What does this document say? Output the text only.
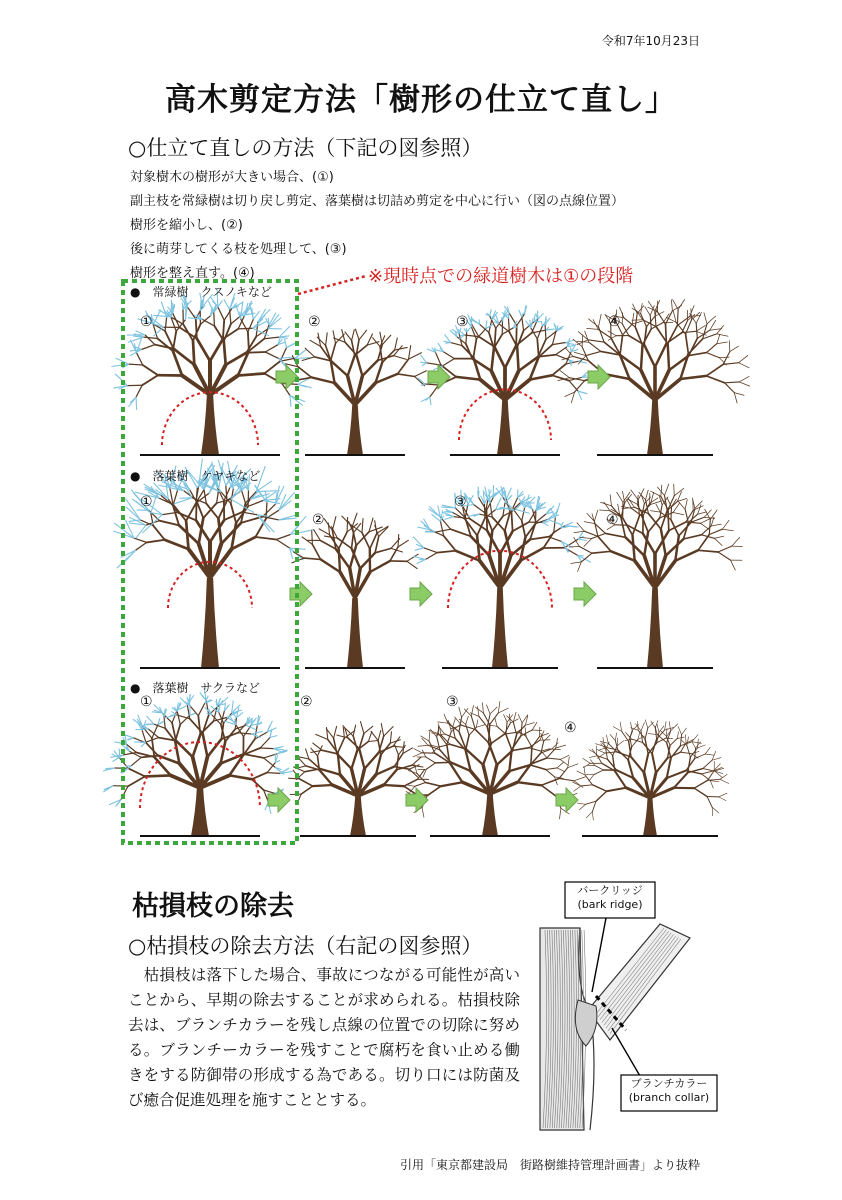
令和7年10月23日
高木剪定方法「樹形の仕立て直し」
○仕立て直しの方法（下記の図参照）
対象樹木の樹形が大きい場合、(①)
副主枝を常緑樹は切り戻し剪定、落葉樹は切詰め剪定を中心に行い（図の点線位置）
樹形を縮小し、(②)
後に萌芽してくる枝を処理して、(③)
樹形を整え直す。(④)	※現時点での緑道樹木は①の段階
●　常緑樹　クスノキなど
●　落葉樹　ケヤキなど
●　落葉樹　サクラなど
①	②	③	④
①
②
③
④
①	②	③
④
枯損枝の除去
○枯損枝の除去方法（右記の図参照）
　枯損枝は落下した場合、事故につながる可能性が高いことから、早期の除去することが求められる。枯損枝除去は、ブランチカラーを残し点線の位置での切除に努める。ブランチーカラーを残すことで腐朽を食い止める働きをする防御帯の形成する為である。切り口には防菌及び癒合促進処理を施すこととする。
バークリッジ
(bark ridge)
ブランチカラー
(branch collar)
引用「東京都建設局　街路樹維持管理計画書」より抜粋
